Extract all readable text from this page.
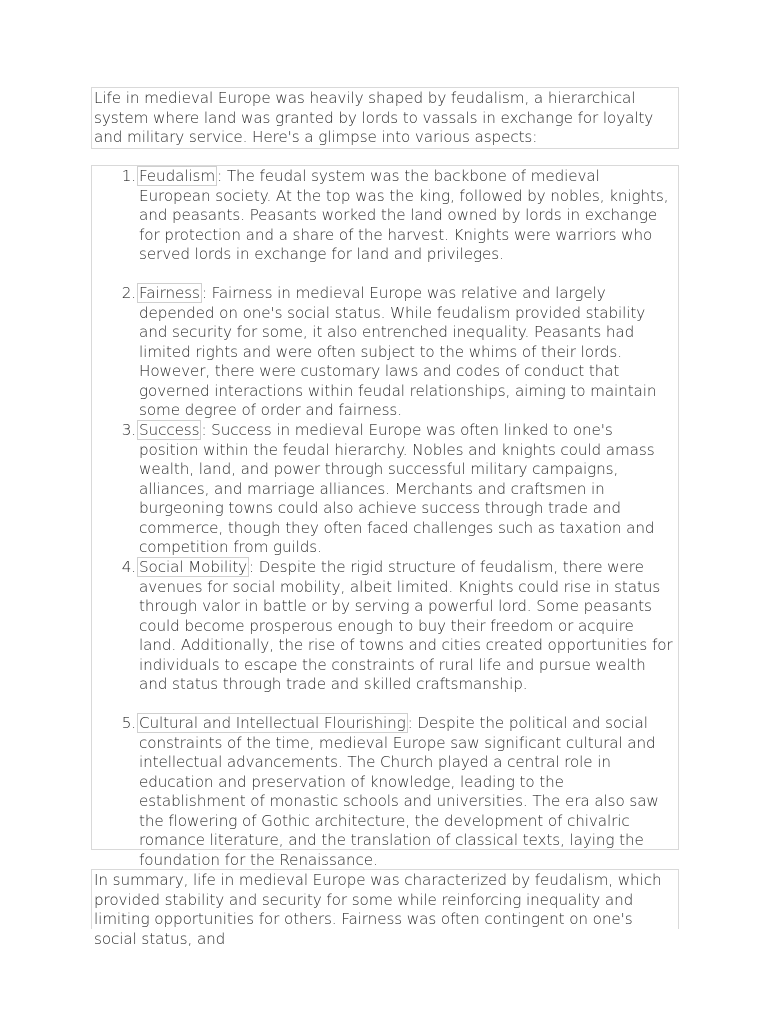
Life in medieval Europe was heavily shaped by feudalism, a hierarchical system where land was granted by lords to vassals in exchange for loyalty and military service. Here's a glimpse into various aspects:
1. Feudalism : The feudal system was the backbone of medieval European society. At the top was the king, followed by nobles, knights, and peasants. Peasants worked the land owned by lords in exchange for protection and a share of the harvest. Knights were warriors who served lords in exchange for land and privileges.
2. Fairness : Fairness in medieval Europe was relative and largely depended on one's social status. While feudalism provided stability and security for some, it also entrenched inequality. Peasants had limited rights and were often subject to the whims of their lords. However, there were customary laws and codes of conduct that governed interactions within feudal relationships, aiming to maintain some degree of order and fairness.
3. Success : Success in medieval Europe was often linked to one's position within the feudal hierarchy. Nobles and knights could amass wealth, land, and power through successful military campaigns, alliances, and marriage alliances. Merchants and craftsmen in burgeoning towns could also achieve success through trade and commerce, though they often faced challenges such as taxation and competition from guilds.
4. Social Mobility : Despite the rigid structure of feudalism, there were avenues for social mobility, albeit limited. Knights could rise in status through valor in battle or by serving a powerful lord. Some peasants could become prosperous enough to buy their freedom or acquire land. Additionally, the rise of towns and cities created opportunities for individuals to escape the constraints of rural life and pursue wealth and status through trade and skilled craftsmanship.
5. Cultural and Intellectual Flourishing : Despite the political and social constraints of the time, medieval Europe saw significant cultural and intellectual advancements. The Church played a central role in education and preservation of knowledge, leading to the establishment of monastic schools and universities. The era also saw the flowering of Gothic architecture, the development of chivalric romance literature, and the translation of classical texts, laying the foundation for the Renaissance.
In summary, life in medieval Europe was characterized by feudalism, which provided stability and security for some while reinforcing inequality and limiting opportunities for others. Fairness was often contingent on one's social status, and
